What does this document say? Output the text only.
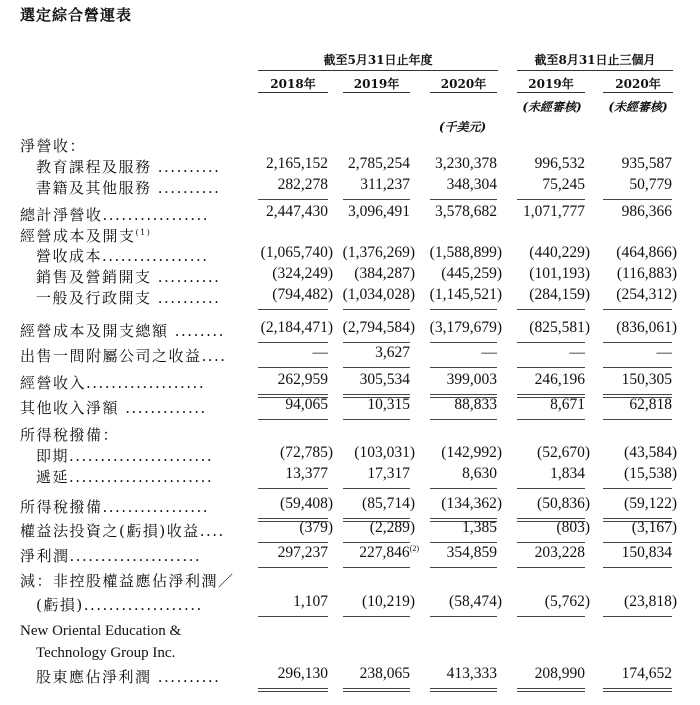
選定綜合營運表
截至5月31日止年度	截至8月31日止三個月
2018年	2019年	2020年	2019年	2020年
(未經審核)	(未經審核)
(千美元)
淨營收：
教育課程及服務 ..........	2,165,152 2,785,254 3,230,378 996,532 935,587
書籍及其他服務 ..........	282,278 311,237 348,304	75,245	50,779
總計淨營收.................	2,447,430 3,096,491 3,578,682 1,071,777 986,366
經營成本及開支$^{(1)}$
營收成本.................	(1,065,740) (1,376,269) (1,588,899) (440,229) (464,866)
銷售及營銷開支 ..........	(324,249) (384,287) (445,259) (101,193) (116,883)
一般及行政開支 ..........	(794,482) (1,034,028) (1,145,521) (284,159) (254,312)
經營成本及開支總額 ........ (2,184,471) (2,794,584) (3,179,679) (825,581) (836,061)
出售一間附屬公司之收益....	—	3,627	—	—	—
經營收入...................	262,959 305,534 399,003 246,196 150,305
其他收入淨額 .............	94,065	10,315	88,833	8,671	62,818
所得稅撥備：
即期.......................	(72,785) (103,031) (142,992) (52,670) (43,584)
遞延.......................	13,377	17,317	8,630	1,834	(15,538)
所得稅撥備.................	(59,408) (85,714) (134,362) (50,836) (59,122)
權益法投資之(虧損)收益....	(379) (2,289)	1,385	(803)	(3,167)
淨利潤.....................	297,237 227,846$^{(2)}$ 354,859 203,228 150,834
減：非控股權益應佔淨利潤／
(虧損)...................	1,107 (10,219) (58,474)	(5,762) (23,818)
New Oriental Education &
Technology Group Inc.
股東應佔淨利潤 ..........	296,130 238,065 413,333 208,990 174,652
